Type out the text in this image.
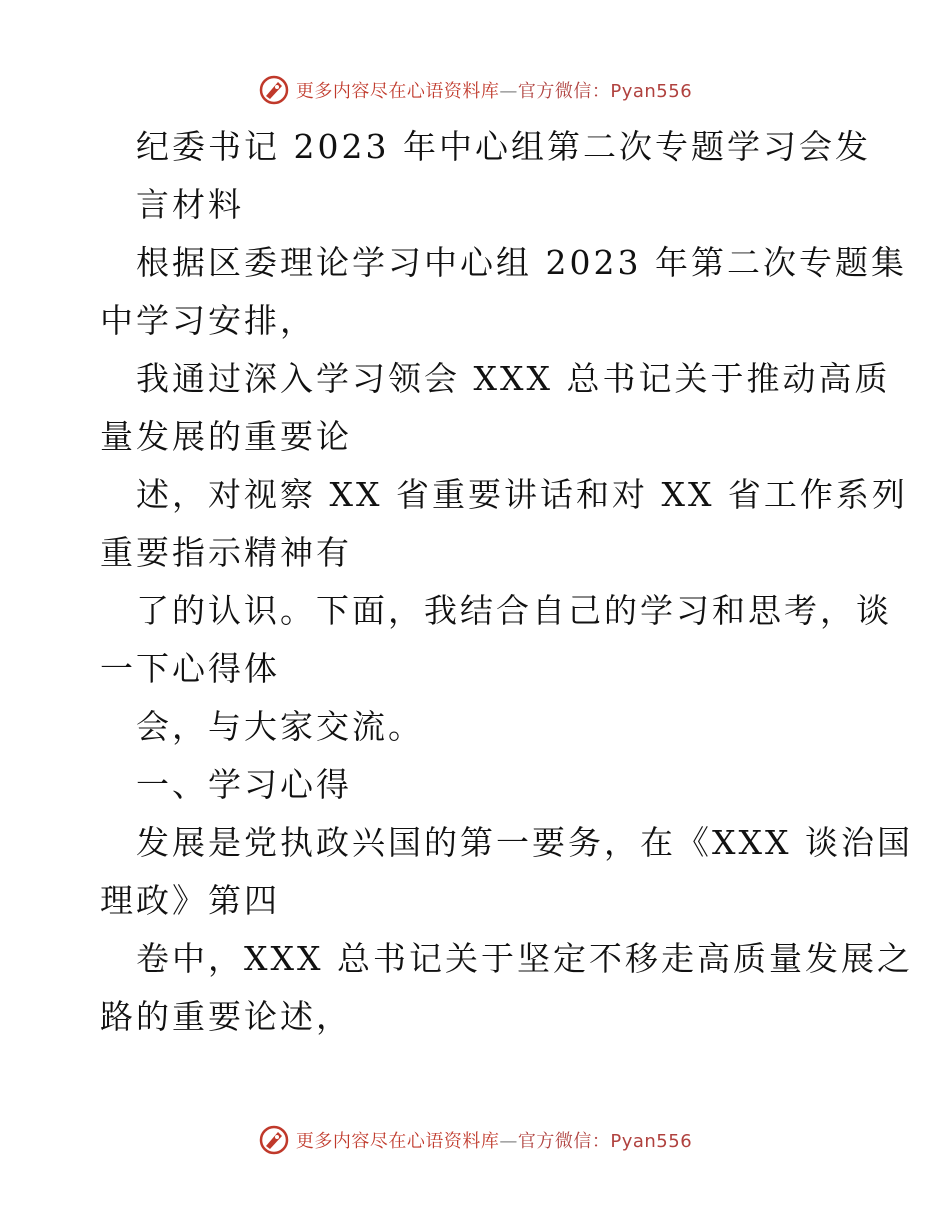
更多内容尽在心语资料库—官方微信：Pyan556
纪委书记 2023 年中心组第二次专题学习会发
言材料
根据区委理论学习中心组 2023 年第二次专题集
中学习安排，
我通过深入学习领会 XXX 总书记关于推动高质
量发展的重要论
述，对视察 XX 省重要讲话和对 XX 省工作系列
重要指示精神有
了的认识。下面，我结合自己的学习和思考，谈
一下心得体
会，与大家交流。
一、学习心得
发展是党执政兴国的第一要务，在《XXX 谈治国
理政》第四
卷中，XXX 总书记关于坚定不移走高质量发展之
路的重要论述，
更多内容尽在心语资料库—官方微信：Pyan556
